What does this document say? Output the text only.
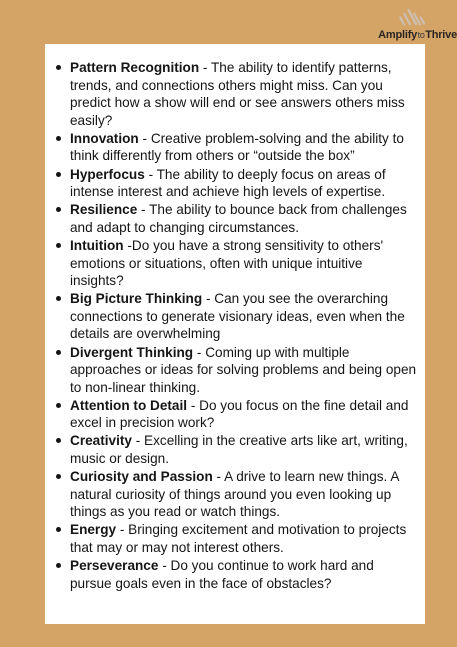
AmplifytoThrive
Pattern Recognition - The ability to identify patterns, trends, and connections others might miss. Can you predict how a show will end or see answers others miss easily?
Innovation - Creative problem-solving and the ability to think differently from others or “outside the box”
Hyperfocus - The ability to deeply focus on areas of intense interest and achieve high levels of expertise.
Resilience - The ability to bounce back from challenges and adapt to changing circumstances.
Intuition -Do you have a strong sensitivity to others' emotions or situations, often with unique intuitive insights?
Big Picture Thinking - Can you see the overarching connections to generate visionary ideas, even when the details are overwhelming
Divergent Thinking - Coming up with multiple approaches or ideas for solving problems and being open to non-linear thinking.
Attention to Detail - Do you focus on the fine detail and excel in precision work?
Creativity - Excelling in the creative arts like art, writing, music or design.
Curiosity and Passion - A drive to learn new things. A natural curiosity of things around you even looking up things as you read or watch things.
Energy - Bringing excitement and motivation to projects that may or may not interest others.
Perseverance - Do you continue to work hard and pursue goals even in the face of obstacles?
